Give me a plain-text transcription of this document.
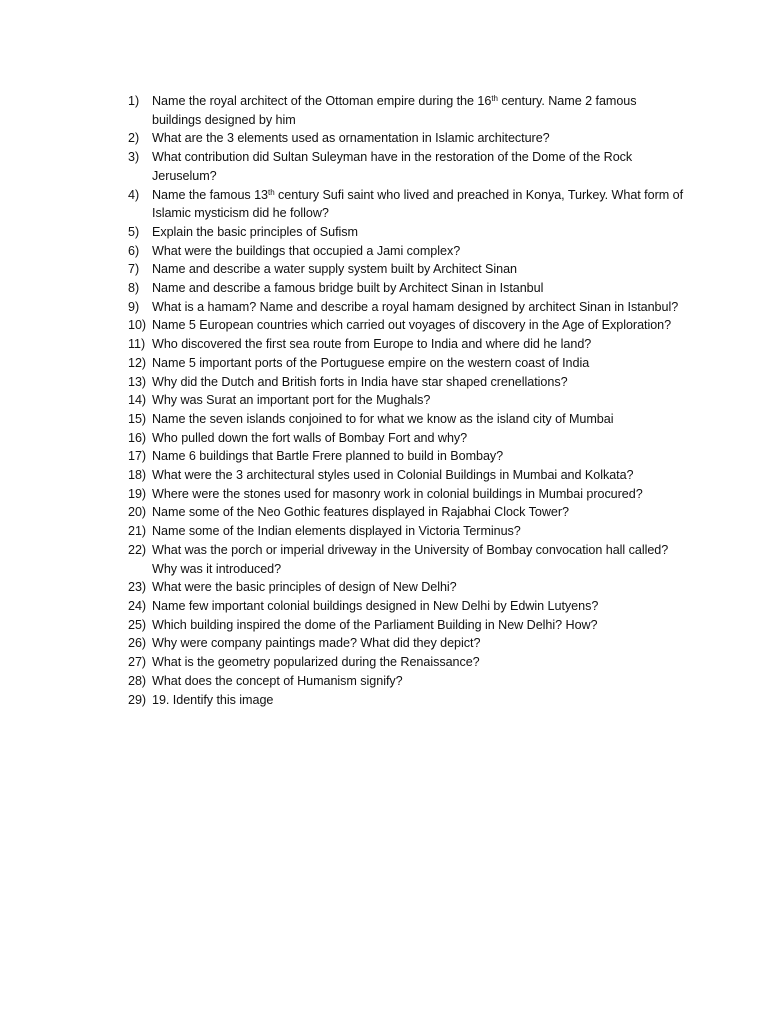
1) Name the royal architect of the Ottoman empire during the 16th century. Name 2 famous buildings designed by him
2) What are the 3 elements used as ornamentation in Islamic architecture?
3) What contribution did Sultan Suleyman have in the restoration of the Dome of the Rock Jeruselum?
4) Name the famous 13th century Sufi saint who lived and preached in Konya, Turkey. What form of Islamic mysticism did he follow?
5) Explain the basic principles of Sufism
6) What were the buildings that occupied a Jami complex?
7) Name and describe a water supply system built by Architect Sinan
8) Name and describe a famous bridge built by Architect Sinan in Istanbul
9) What is a hamam? Name and describe a royal hamam designed by architect Sinan in Istanbul?
10) Name 5 European countries which carried out voyages of discovery in the Age of Exploration?
11) Who discovered the first sea route from Europe to India and where did he land?
12) Name 5 important ports of the Portuguese empire on the western coast of India
13) Why did the Dutch and British forts in India have star shaped crenellations?
14) Why was Surat an important port for the Mughals?
15) Name the seven islands conjoined to for what we know as the island city of Mumbai
16) Who pulled down the fort walls of Bombay Fort and why?
17) Name 6 buildings that Bartle Frere planned to build in Bombay?
18) What were the 3 architectural styles used in Colonial Buildings in Mumbai and Kolkata?
19) Where were the stones used for masonry work in colonial buildings in Mumbai procured?
20) Name some of the Neo Gothic features displayed in Rajabhai Clock Tower?
21) Name some of the Indian elements displayed in Victoria Terminus?
22) What was the porch or imperial driveway in the University of Bombay convocation hall called? Why was it introduced?
23) What were the basic principles of design of New Delhi?
24) Name few important colonial buildings designed in New Delhi by Edwin Lutyens?
25) Which building inspired the dome of the Parliament Building in New Delhi? How?
26) Why were company paintings made? What did they depict?
27) What is the geometry popularized during the Renaissance?
28) What does the concept of Humanism signify?
29) 19. Identify this image
